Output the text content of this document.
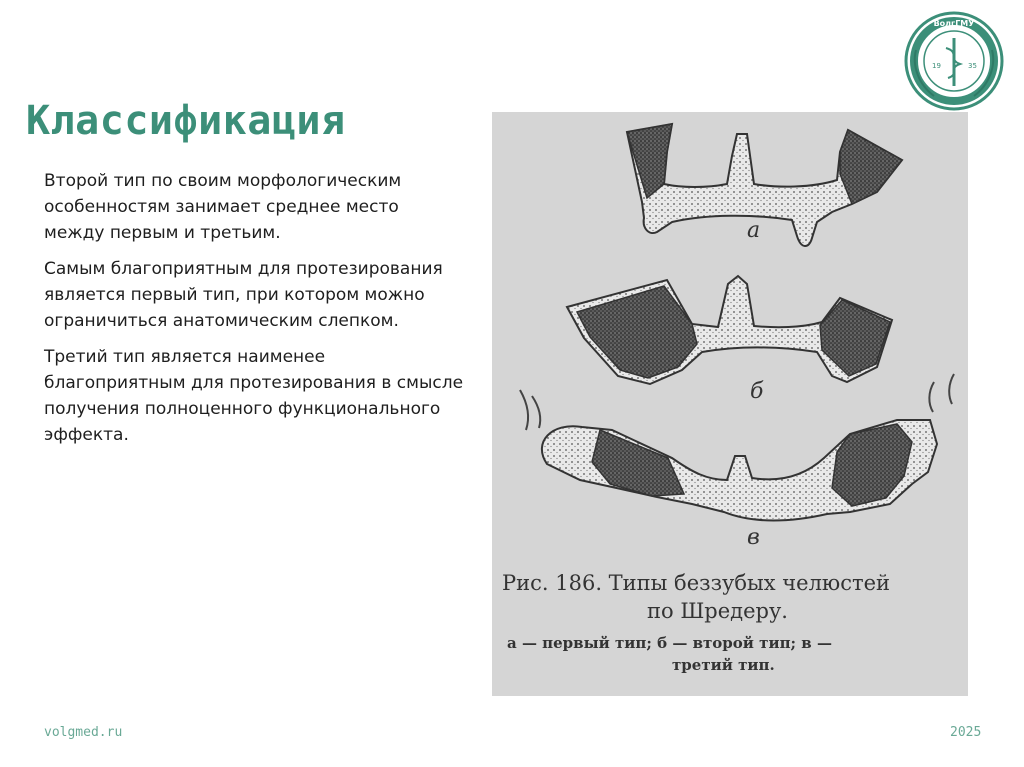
Классификация

Второй тип по своим морфологическим особенностям занимает среднее место между первым и третьим.

Самым благоприятным для протезирования является первый тип, при котором можно ограничиться анатомическим слепком.

Третий тип является наименее благоприятным для протезирования в смысле получения полноценного функционального эффекта.

а
б
в
Рис. 186. Типы беззубых челюстей
по Шредеру.
а — первый тип; б — второй тип; в —
третий тип.
19	35
ВолгГМУ
volgmed.ru	2025
